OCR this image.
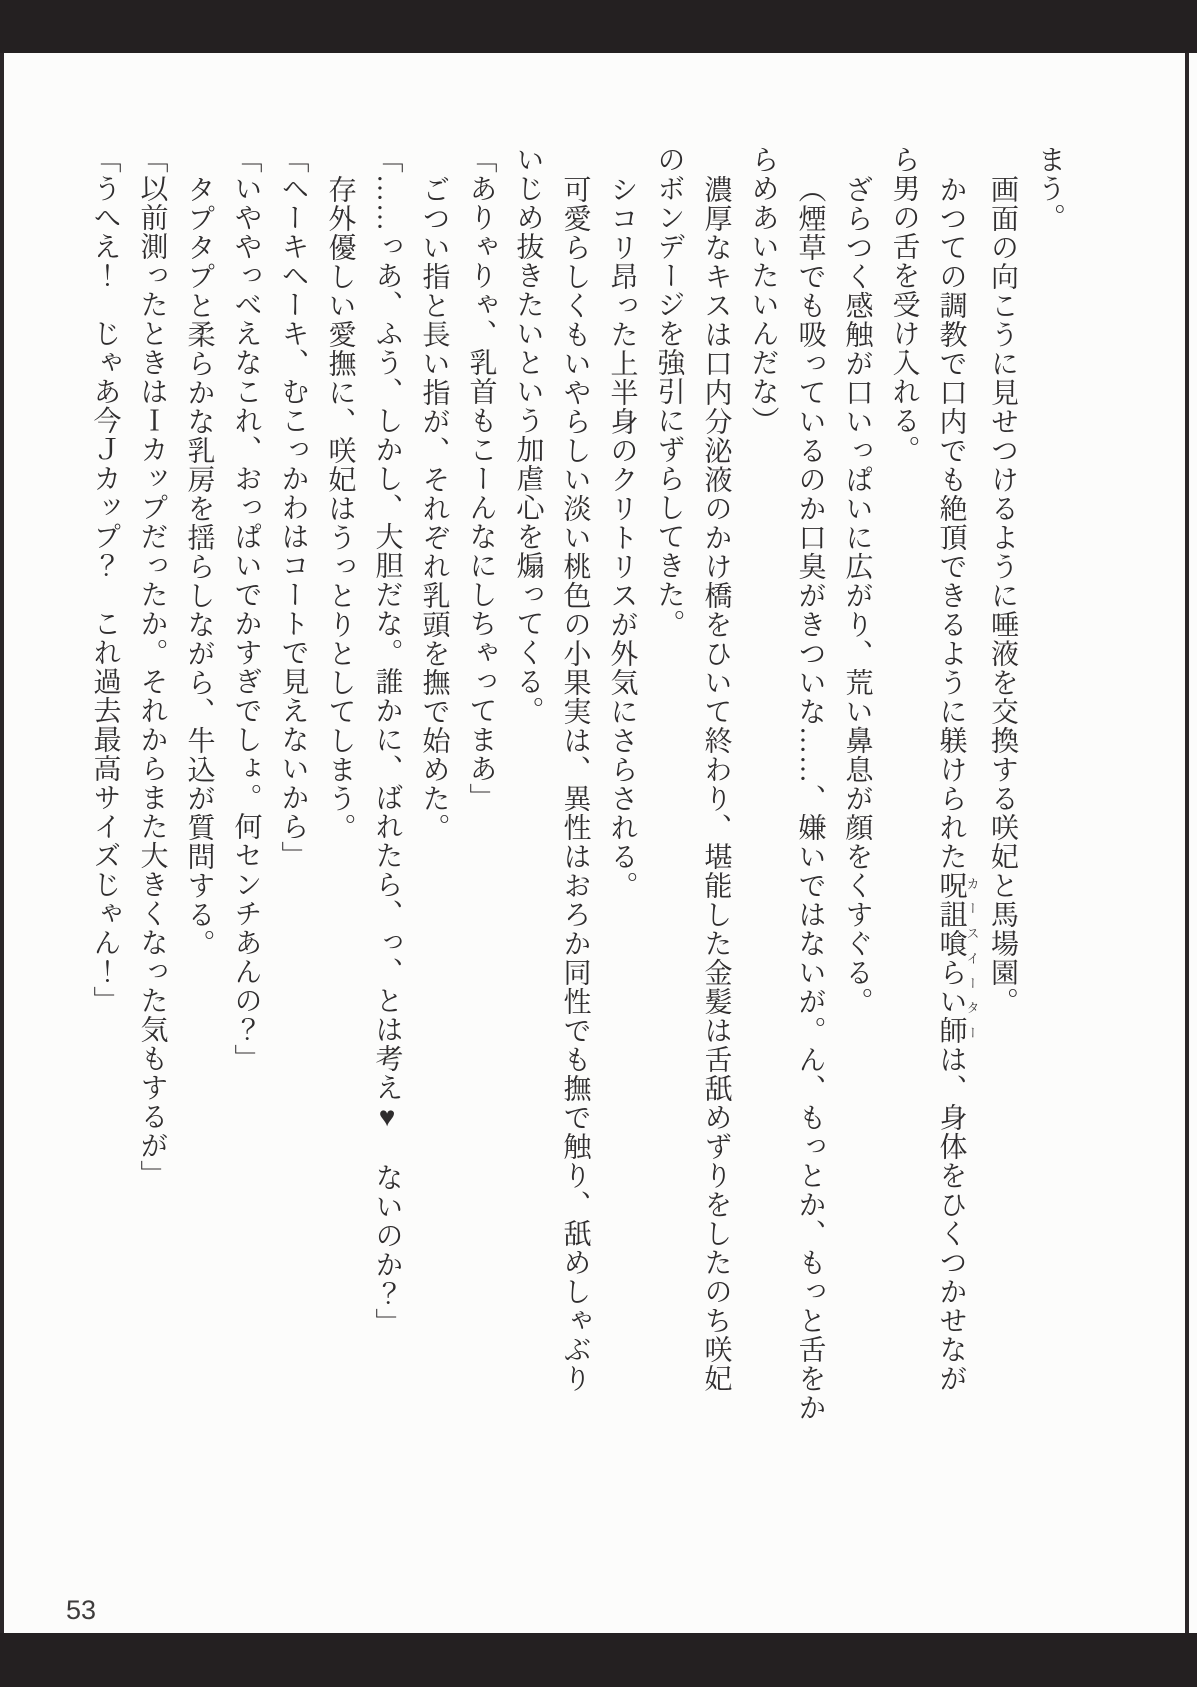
まう。

画面の向こうに見せつけるように唾液を交換する咲妃と馬場園。

かつての調教で口内でも絶頂できるように躾けられた呪詛喰らい師カースイーターは、身体をひくつかせなが

ら男の舌を受け入れる。

ざらつく感触が口いっぱいに広がり、荒い鼻息が顔をくすぐる。

（煙草でも吸っているのか口臭がきついな……、嫌いではないが。ん、もっとか、もっと舌をか

らめあいたいんだな）

濃厚なキスは口内分泌液のかけ橋をひいて終わり、堪能した金髪は舌舐めずりをしたのち咲妃

のボンデージを強引にずらしてきた。

シコリ昂った上半身のクリトリスが外気にさらされる。

可愛らしくもいやらしい淡い桃色の小果実は、異性はおろか同性でも撫で触り、舐めしゃぶり

いじめ抜きたいという加虐心を煽ってくる。

「ありゃりゃ、乳首もこーんなにしちゃってまあ」

ごつい指と長い指が、それぞれ乳頭を撫で始めた。

「……っあ、ふう、しかし、大胆だな。誰かに、ばれたら、っ、とは考え♥　ないのか？」

存外優しい愛撫に、咲妃はうっとりとしてしまう。

「ヘーキヘーキ、むこっかわはコートで見えないから」

「いややっべえなこれ、おっぱいでかすぎでしょ。何センチあんの？」

タプタプと柔らかな乳房を揺らしながら、牛込が質問する。

「以前測ったときはＩカップだったか。それからまた大きくなった気もするが」

「うへえ！　じゃあ今Ｊカップ？　これ過去最高サイズじゃん！」

53
